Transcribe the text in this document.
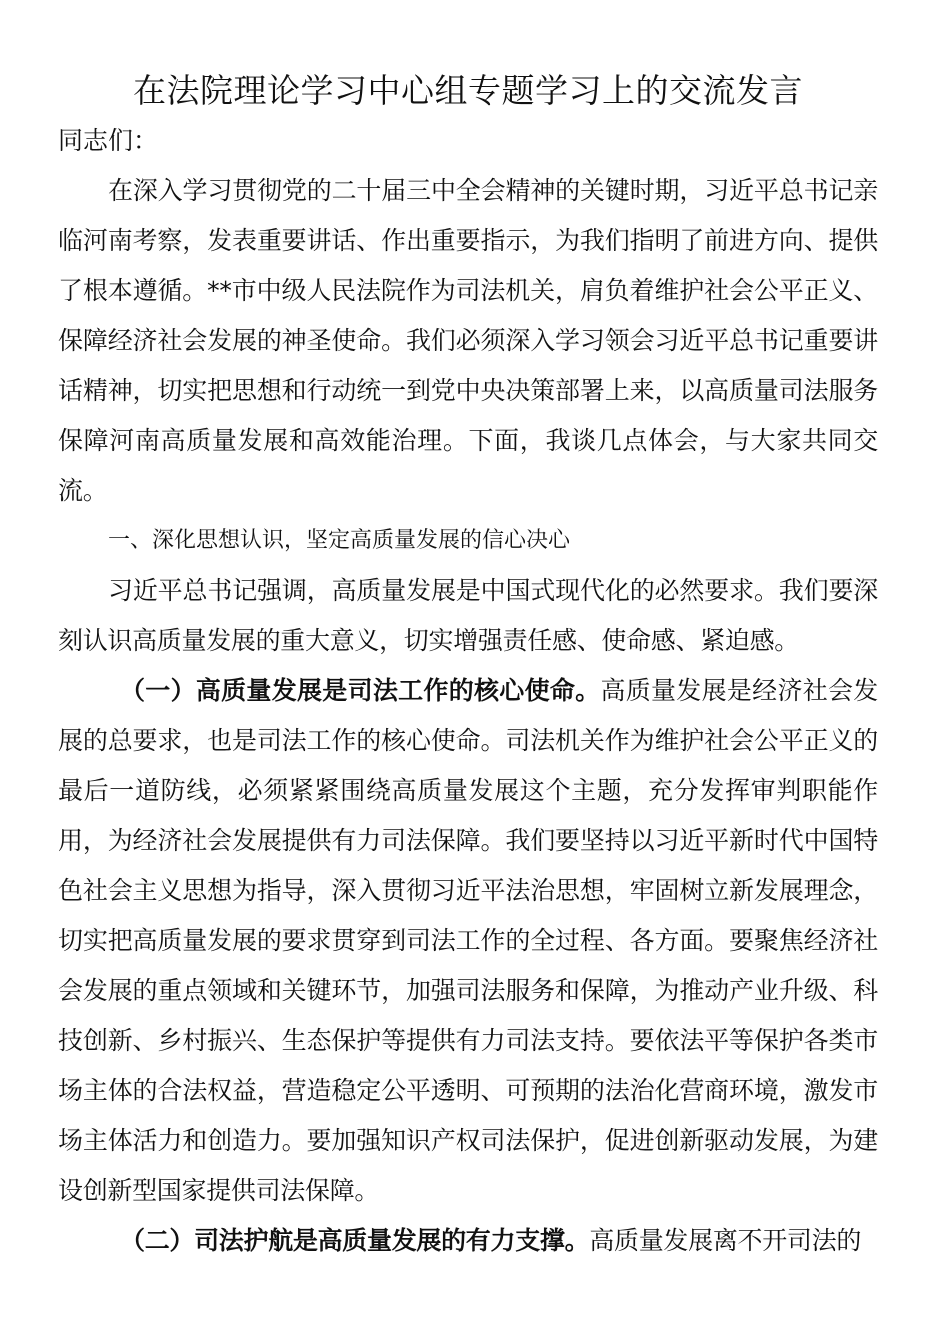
在法院理论学习中心组专题学习上的交流发言

同志们：

在深入学习贯彻党的二十届三中全会精神的关键时期，习近平总书记亲临河南考察，发表重要讲话、作出重要指示，为我们指明了前进方向、提供了根本遵循。**市中级人民法院作为司法机关，肩负着维护社会公平正义、保障经济社会发展的神圣使命。我们必须深入学习领会习近平总书记重要讲话精神，切实把思想和行动统一到党中央决策部署上来，以高质量司法服务保障河南高质量发展和高效能治理。下面，我谈几点体会，与大家共同交流。

一、深化思想认识，坚定高质量发展的信心决心

习近平总书记强调，高质量发展是中国式现代化的必然要求。我们要深刻认识高质量发展的重大意义，切实增强责任感、使命感、紧迫感。

（一）高质量发展是司法工作的核心使命。高质量发展是经济社会发展的总要求，也是司法工作的核心使命。司法机关作为维护社会公平正义的最后一道防线，必须紧紧围绕高质量发展这个主题，充分发挥审判职能作用，为经济社会发展提供有力司法保障。我们要坚持以习近平新时代中国特色社会主义思想为指导，深入贯彻习近平法治思想，牢固树立新发展理念，切实把高质量发展的要求贯穿到司法工作的全过程、各方面。要聚焦经济社会发展的重点领域和关键环节，加强司法服务和保障，为推动产业升级、科技创新、乡村振兴、生态保护等提供有力司法支持。要依法平等保护各类市场主体的合法权益，营造稳定公平透明、可预期的法治化营商环境，激发市场主体活力和创造力。要加强知识产权司法保护，促进创新驱动发展，为建设创新型国家提供司法保障。

（二）司法护航是高质量发展的有力支撑。高质量发展离不开司法的
